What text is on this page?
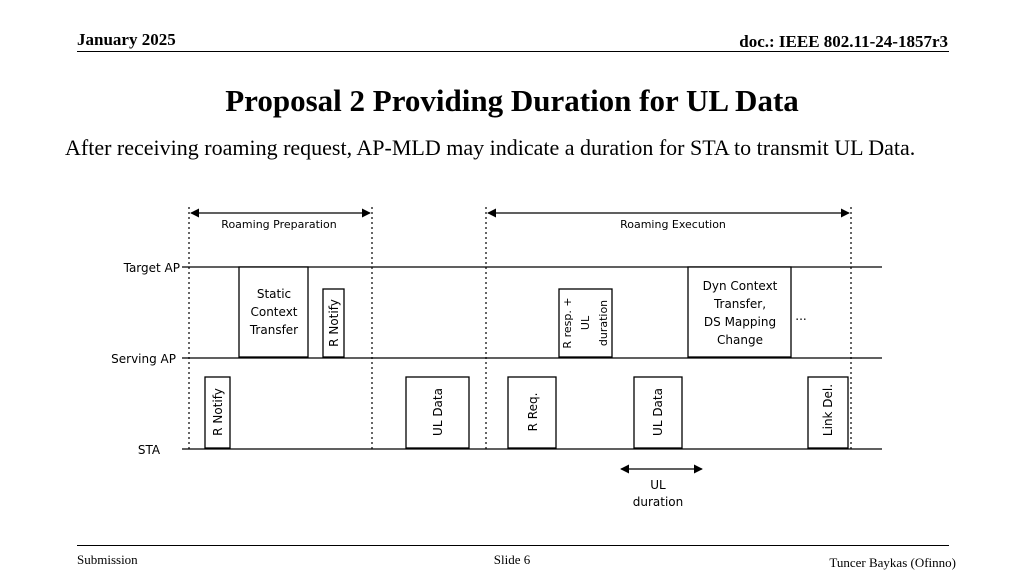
January 2025	doc.: IEEE 802.11-24-1857r3
Proposal 2 Providing Duration for UL Data
After receiving roaming request, AP-MLD may indicate a duration for STA to transmit UL Data.
Roaming Preparation	Roaming Execution
Target AP
Serving AP
STA
Static
Context
Transfer R Notify	R resp. + UL duration
Dyn Context
Transfer,
DS Mapping
Change
...
R Notify	UL Data	R Req.	UL Data	Link Del.
UL
duration
Submission	Slide 6	Tuncer Baykas (Ofinno)
